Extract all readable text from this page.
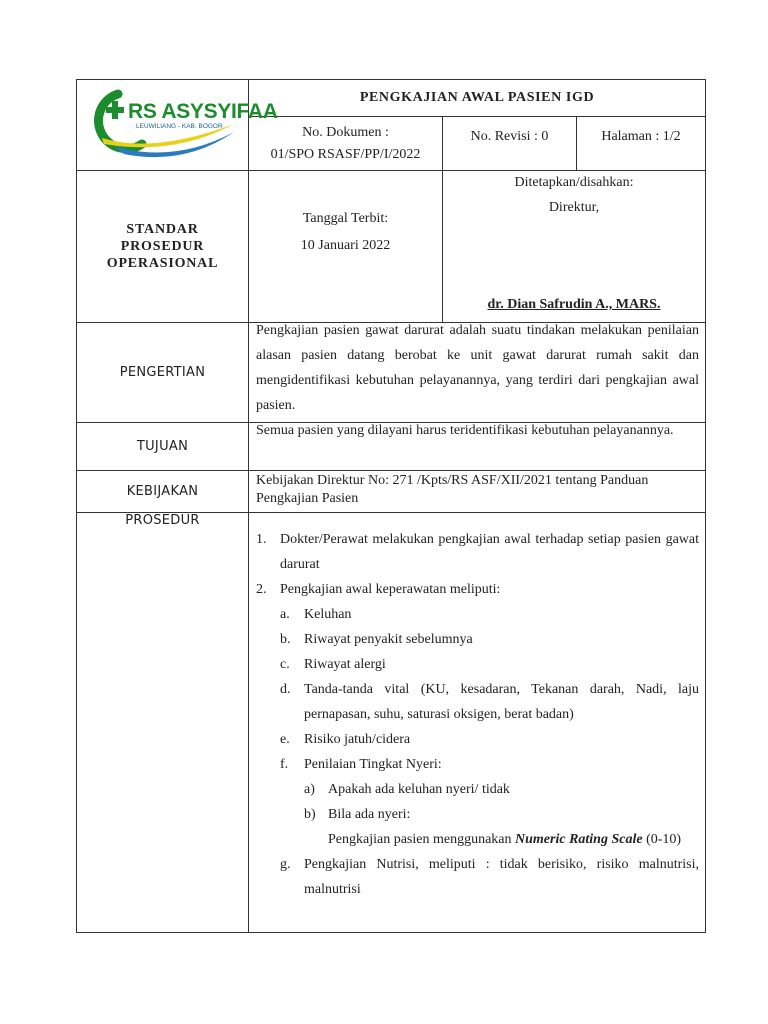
RS ASYSYIFAA
LEUWILIANG - KAB. BOGOR
PENGKAJIAN AWAL PASIEN IGD
No. Dokumen :
01/SPO RSASF/PP/I/2022
No. Revisi : 0	Halaman : 1/2
STANDAR
PROSEDUR
OPERASIONAL
Tanggal Terbit:
10 Januari 2022
Ditetapkan/disahkan:
Direktur,
dr. Dian Safrudin A., MARS.
PENGERTIAN
Pengkajian pasien gawat darurat adalah suatu tindakan melakukan penilaian alasan pasien datang berobat ke unit gawat darurat rumah sakit dan mengidentifikasi kebutuhan pelayanannya, yang terdiri dari pengkajian awal pasien.
TUJUAN
Semua pasien yang dilayani harus teridentifikasi kebutuhan pelayanannya.
KEBIJAKAN
Kebijakan Direktur No: 271 /Kpts/RS ASF/XII/2021 tentang Panduan Pengkajian Pasien
PROSEDUR
1. Dokter/Perawat melakukan pengkajian awal terhadap setiap pasien gawat darurat
2. Pengkajian awal keperawatan meliputi:
a. Keluhan
b. Riwayat penyakit sebelumnya
c. Riwayat alergi
d. Tanda-tanda vital (KU, kesadaran, Tekanan darah, Nadi, laju pernapasan, suhu, saturasi oksigen, berat badan)
e. Risiko jatuh/cidera
f. Penilaian Tingkat Nyeri:
a) Apakah ada keluhan nyeri/ tidak
b) Bila ada nyeri:
Pengkajian pasien menggunakan Numeric Rating Scale (0-10)
g. Pengkajian Nutrisi, meliputi : tidak berisiko, risiko malnutrisi, malnutrisi
